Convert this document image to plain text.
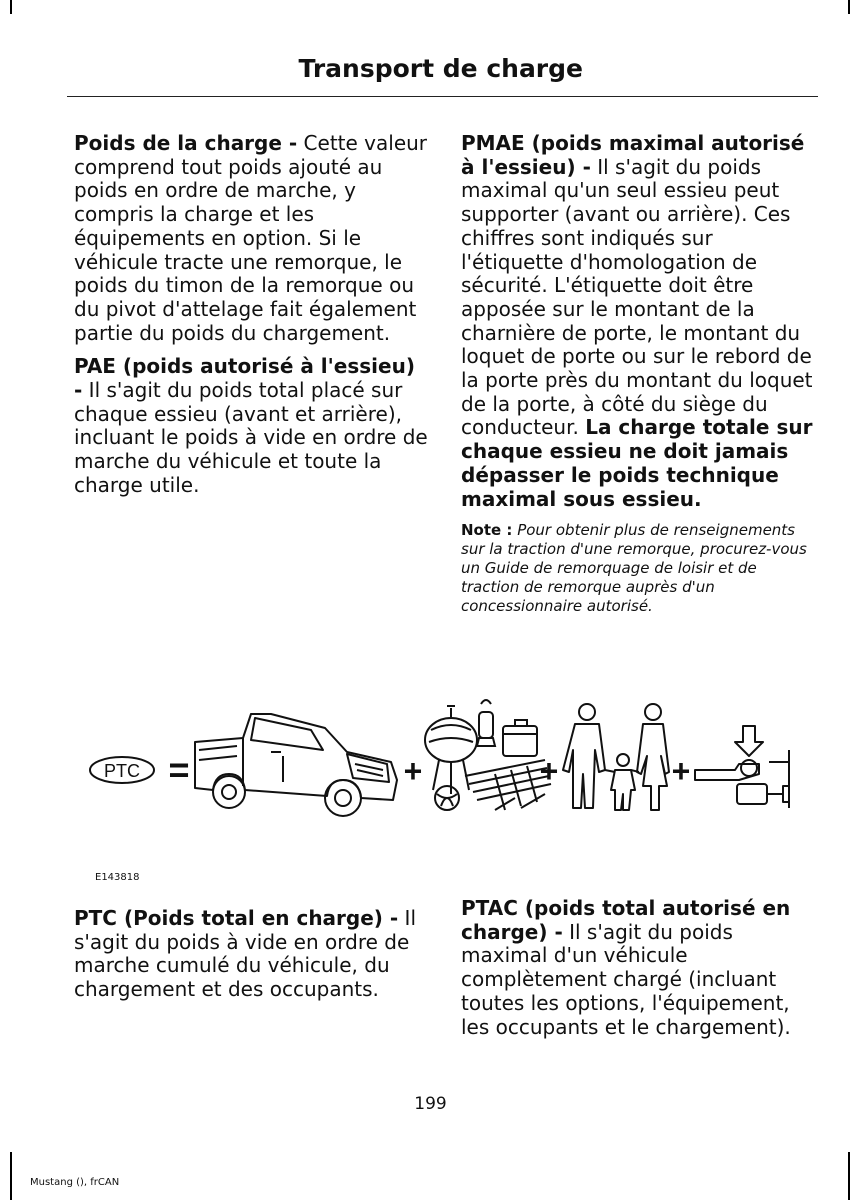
Transport de charge

Poids de la charge - Cette valeur comprend tout poids ajouté au poids en ordre de marche, y compris la charge et les équipements en option. Si le véhicule tracte une remorque, le poids du timon de la remorque ou du pivot d'attelage fait également partie du poids du chargement.

PAE (poids autorisé à l'essieu) - Il s'agit du poids total placé sur chaque essieu (avant et arrière), incluant le poids à vide en ordre de marche du véhicule et toute la charge utile.

PMAE (poids maximal autorisé à l'essieu) - Il s'agit du poids maximal qu'un seul essieu peut supporter (avant ou arrière). Ces chiffres sont indiqués sur l'étiquette d'homologation de sécurité. L'étiquette doit être apposée sur le montant de la charnière de porte, le montant du loquet de porte ou sur le rebord de la porte près du montant du loquet de la porte, à côté du siège du conducteur. La charge totale sur chaque essieu ne doit jamais dépasser le poids technique maximal sous essieu.

Note : Pour obtenir plus de renseignements sur la traction d'une remorque, procurez-vous un Guide de remorquage de loisir et de traction de remorque auprès d'un concessionnaire autorisé.

PTC =	+	+	+
E143818

PTC (Poids total en charge) - Il s'agit du poids à vide en ordre de marche cumulé du véhicule, du chargement et des occupants.

PTAC (poids total autorisé en charge) - Il s'agit du poids maximal d'un véhicule complètement chargé (incluant toutes les options, l'équipement, les occupants et le chargement).

199
Mustang (), frCAN
